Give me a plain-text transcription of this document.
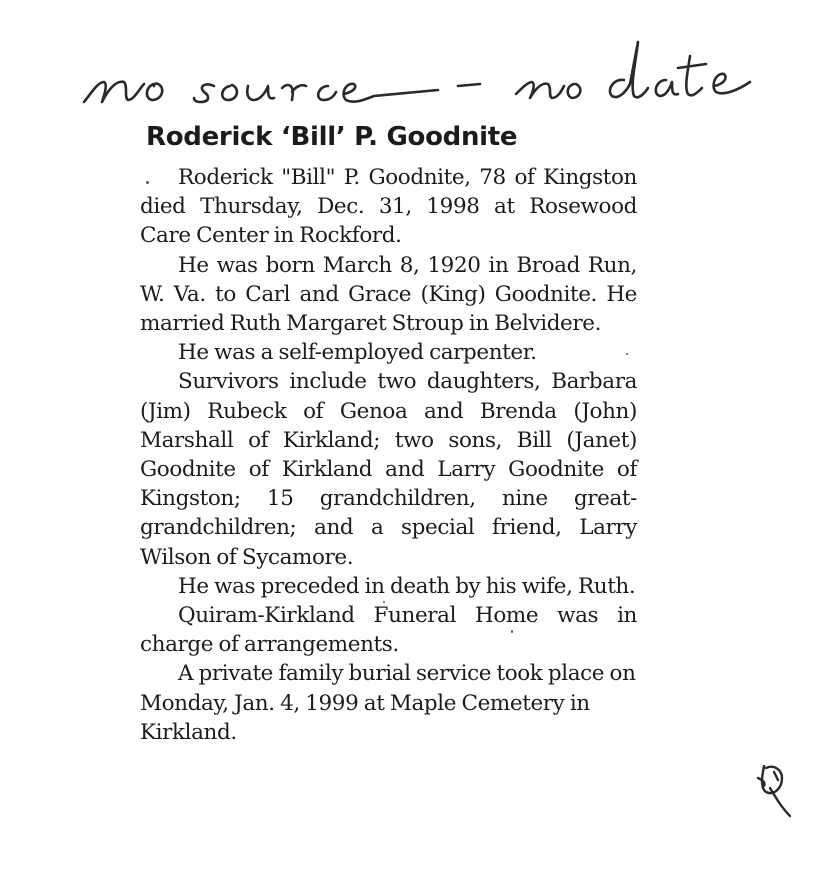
no source – no date
Roderick ‘Bill’ P. Goodnite

Roderick "Bill" P. Goodnite, 78 of Kingston died Thursday, Dec. 31, 1998 at Rosewood Care Center in Rockford.

He was born March 8, 1920 in Broad Run, W. Va. to Carl and Grace (King) Goodnite. He married Ruth Margaret Stroup in Belvidere.

He was a self-employed carpenter.

Survivors include two daughters, Barbara (Jim) Rubeck of Genoa and Brenda (John) Marshall of Kirkland; two sons, Bill (Janet) Goodnite of Kirkland and Larry Goodnite of Kingston; 15 grandchildren, nine great-grandchildren; and a special friend, Larry Wilson of Sycamore.

He was preceded in death by his wife, Ruth.

Quiram-Kirkland Funeral Home was in charge of arrangements.

A private family burial service took place on Monday, Jan. 4, 1999 at Maple Cemetery in Kirkland.

Q
